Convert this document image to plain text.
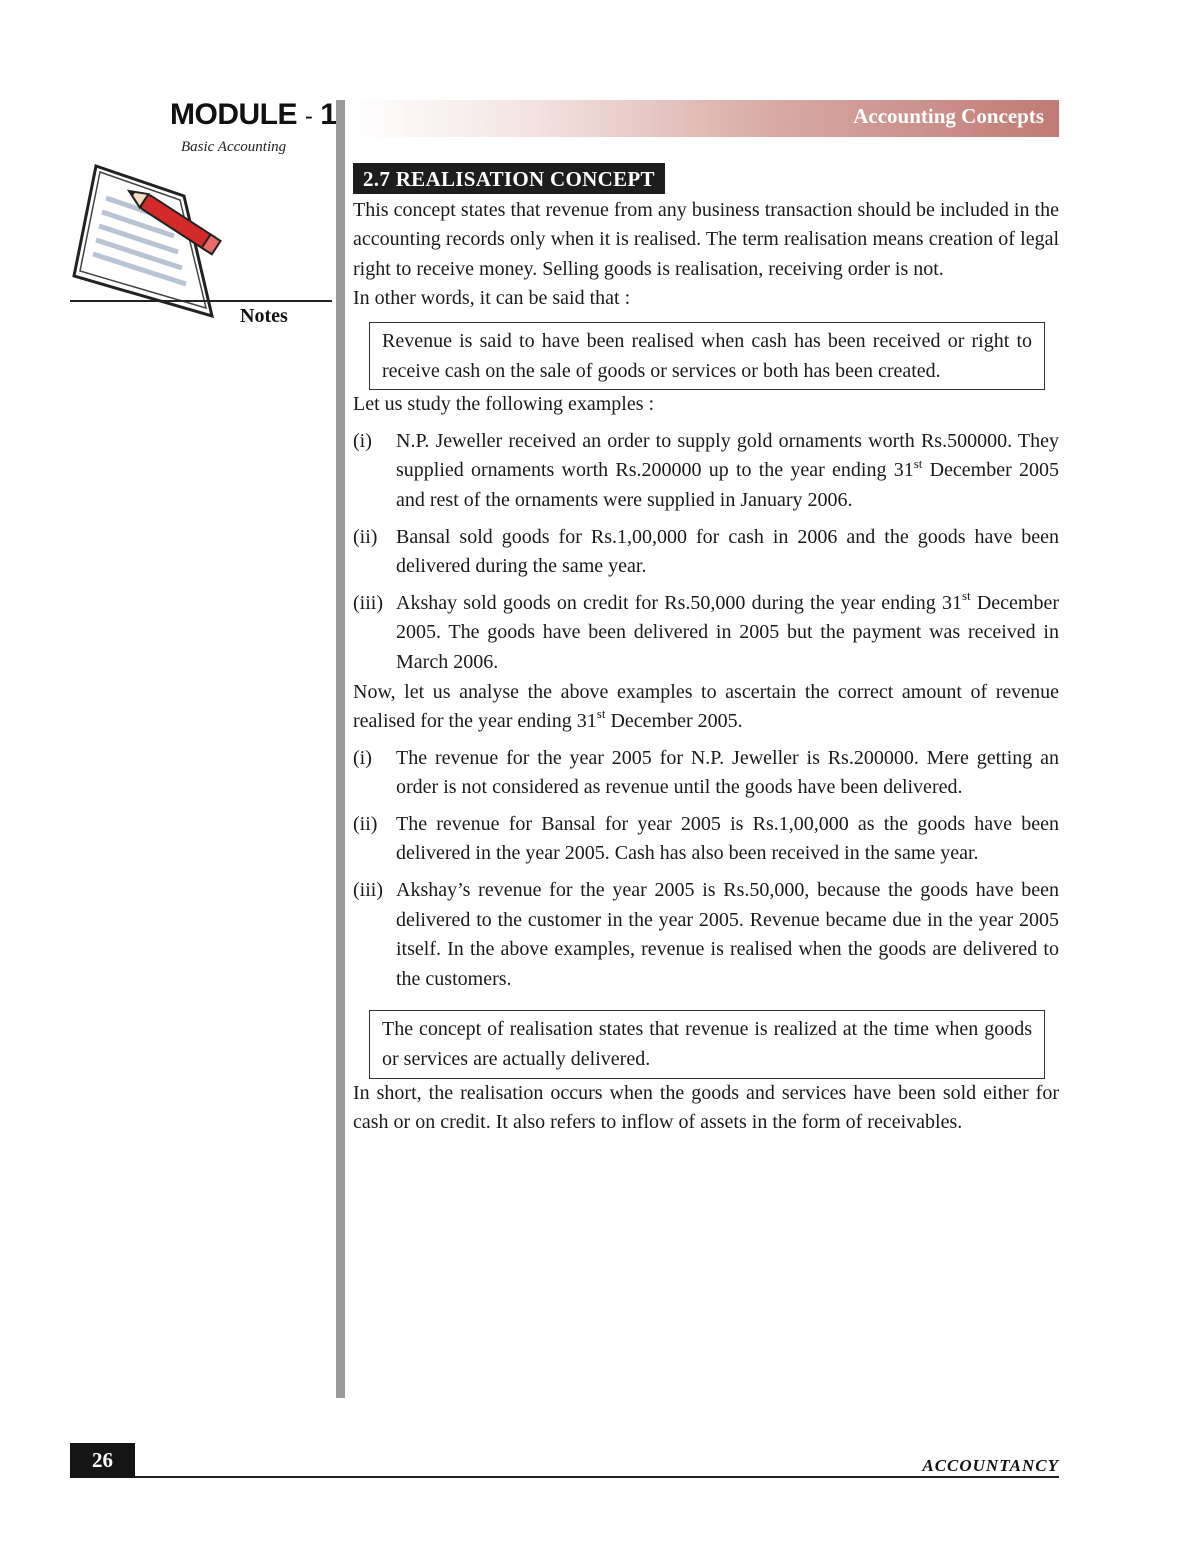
MODULE - 1
Basic Accounting
Notes
Accounting Concepts
2.7 REALISATION CONCEPT

This concept states that revenue from any business transaction should be included in the accounting records only when it is realised. The term realisation means creation of legal right to receive money. Selling goods is realisation, receiving order is not.

In other words, it can be said that :

Revenue is said to have been realised when cash has been received or right to receive cash on the sale of goods or services or both has been created.

Let us study the following examples :

(i) N.P. Jeweller received an order to supply gold ornaments worth Rs.500000. They supplied ornaments worth Rs.200000 up to the year ending 31st December 2005 and rest of the ornaments were supplied in January 2006.
(ii) Bansal sold goods for Rs.1,00,000 for cash in 2006 and the goods have been delivered during the same year.
(iii) Akshay sold goods on credit for Rs.50,000 during the year ending 31st December 2005. The goods have been delivered in 2005 but the payment was received in March 2006.

Now, let us analyse the above examples to ascertain the correct amount of revenue realised for the year ending 31st December 2005.

(i) The revenue for the year 2005 for N.P. Jeweller is Rs.200000. Mere getting an order is not considered as revenue until the goods have been delivered.
(ii) The revenue for Bansal for year 2005 is Rs.1,00,000 as the goods have been delivered in the year 2005. Cash has also been received in the same year.
(iii) Akshay’s revenue for the year 2005 is Rs.50,000, because the goods have been delivered to the customer in the year 2005. Revenue became due in the year 2005 itself. In the above examples, revenue is realised when the goods are delivered to the customers.
The concept of realisation states that revenue is realized at the time when goods or services are actually delivered.

In short, the realisation occurs when the goods and services have been sold either for cash or on credit. It also refers to inflow of assets in the form of receivables.

26	ACCOUNTANCY
